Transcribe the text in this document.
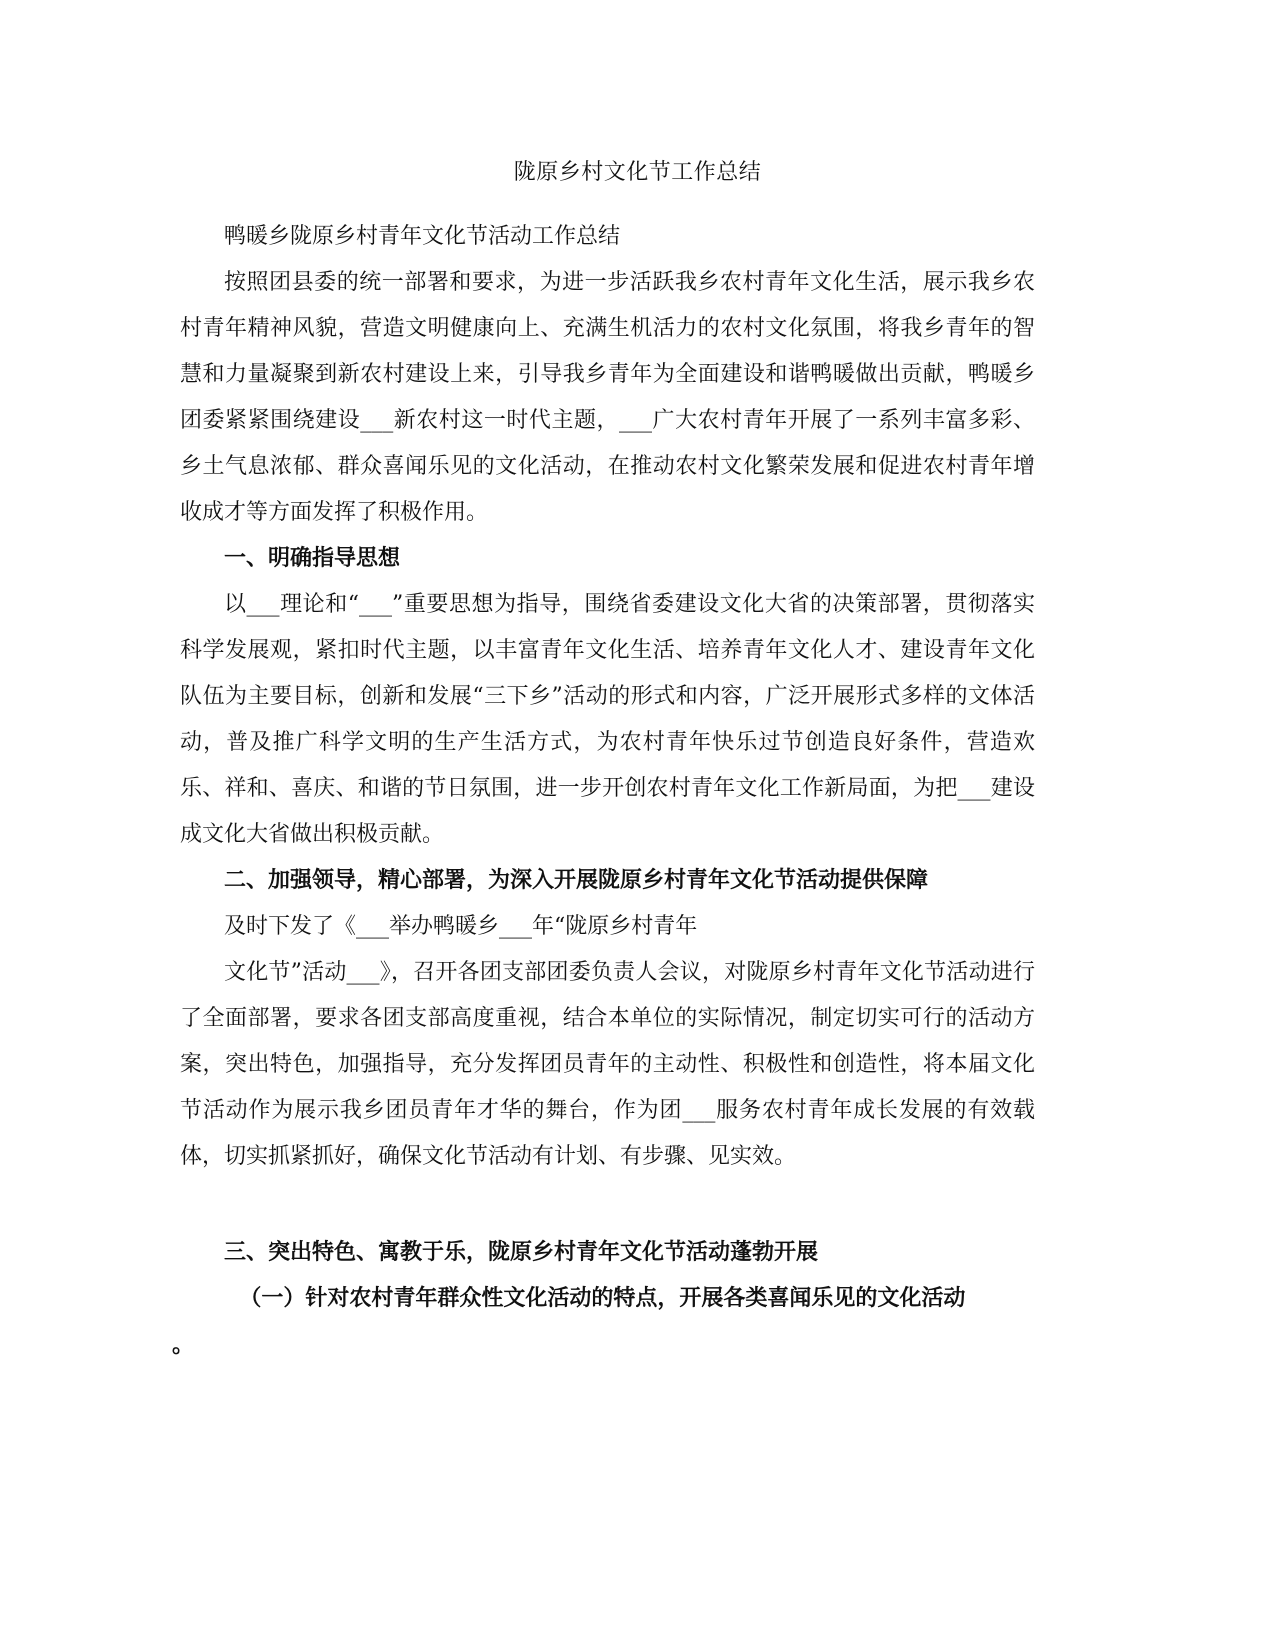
陇原乡村文化节工作总结

鸭暖乡陇原乡村青年文化节活动工作总结

按照团县委的统一部署和要求，为进一步活跃我乡农村青年文化生活，展示我乡农村青年精神风貌，营造文明健康向上、充满生机活力的农村文化氛围，将我乡青年的智慧和力量凝聚到新农村建设上来，引导我乡青年为全面建设和谐鸭暖做出贡献，鸭暖乡团委紧紧围绕建设___新农村这一时代主题，___广大农村青年开展了一系列丰富多彩、乡土气息浓郁、群众喜闻乐见的文化活动，在推动农村文化繁荣发展和促进农村青年增收成才等方面发挥了积极作用。

一、明确指导思想

以___理论和“___”重要思想为指导，围绕省委建设文化大省的决策部署，贯彻落实科学发展观，紧扣时代主题，以丰富青年文化生活、培养青年文化人才、建设青年文化队伍为主要目标，创新和发展“三下乡”活动的形式和内容，广泛开展形式多样的文体活动，普及推广科学文明的生产生活方式，为农村青年快乐过节创造良好条件，营造欢乐、祥和、喜庆、和谐的节日氛围，进一步开创农村青年文化工作新局面，为把___建设成文化大省做出积极贡献。

二、加强领导，精心部署，为深入开展陇原乡村青年文化节活动提供保障

及时下发了《___举办鸭暖乡___年“陇原乡村青年

文化节”活动___》，召开各团支部团委负责人会议，对陇原乡村青年文化节活动进行了全面部署，要求各团支部高度重视，结合本单位的实际情况，制定切实可行的活动方案，突出特色，加强指导，充分发挥团员青年的主动性、积极性和创造性，将本届文化节活动作为展示我乡团员青年才华的舞台，作为团___服务农村青年成长发展的有效载体，切实抓紧抓好，确保文化节活动有计划、有步骤、见实效。

三、突出特色、寓教于乐，陇原乡村青年文化节活动蓬勃开展

（一）针对农村青年群众性文化活动的特点，开展各类喜闻乐见的文化活动

。
